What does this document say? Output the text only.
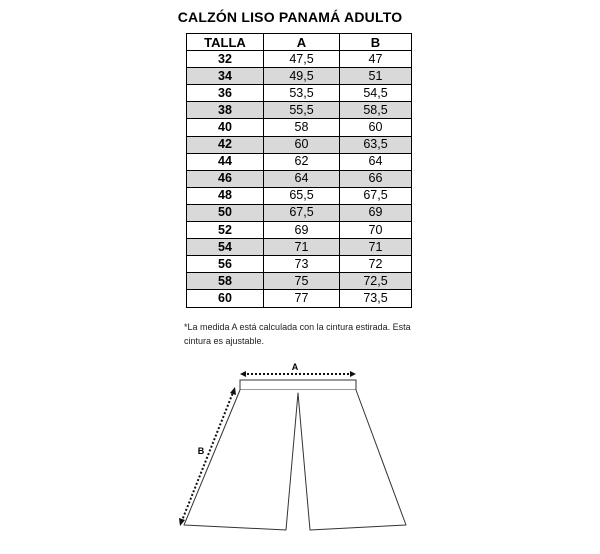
CALZÓN LISO PANAMÁ ADULTO
TALLA	A	B
32	47,5	47
34	49,5	51
36	53,5	54,5
38	55,5	58,5
40	58	60
42	60	63,5
44	62	64
46	64	66
48	65,5	67,5
50	67,5	69
52	69	70
54	71	71
56	73	72
58	75	72,5
60	77	73,5
*La medida A está calculada con la cintura estirada. Esta
cintura es ajustable.
A
B
